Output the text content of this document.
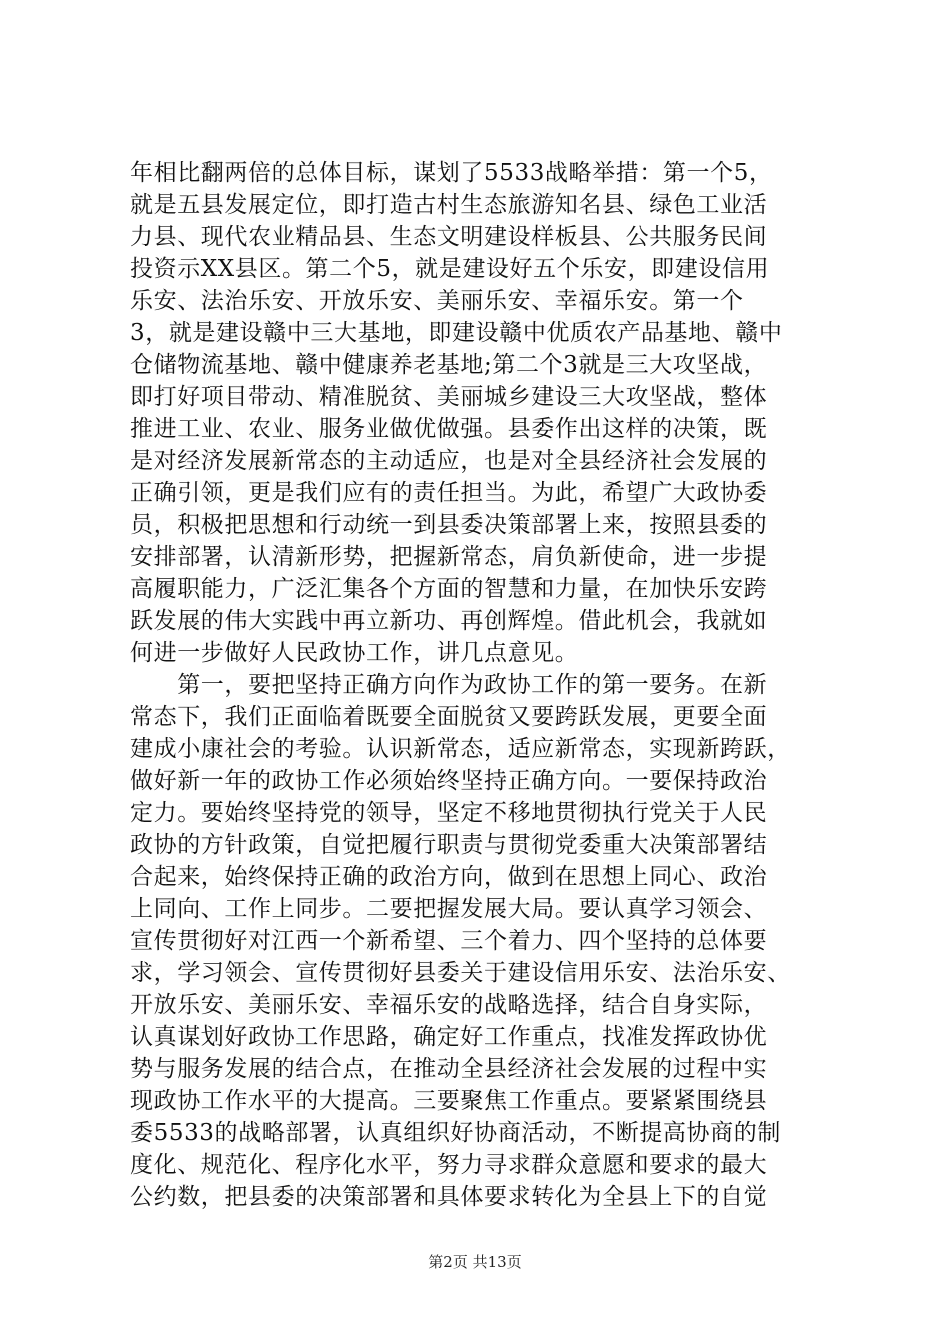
年相比翻两倍的总体目标，谋划了5533战略举措：第一个5，
就是五县发展定位，即打造古村生态旅游知名县、绿色工业活
力县、现代农业精品县、生态文明建设样板县、公共服务民间
投资示XX县区。第二个5，就是建设好五个乐安，即建设信用
乐安、法治乐安、开放乐安、美丽乐安、幸福乐安。第一个
3，就是建设赣中三大基地，即建设赣中优质农产品基地、赣中
仓储物流基地、赣中健康养老基地;第二个3就是三大攻坚战，
即打好项目带动、精准脱贫、美丽城乡建设三大攻坚战，整体
推进工业、农业、服务业做优做强。县委作出这样的决策，既
是对经济发展新常态的主动适应，也是对全县经济社会发展的
正确引领，更是我们应有的责任担当。为此，希望广大政协委
员，积极把思想和行动统一到县委决策部署上来，按照县委的
安排部署，认清新形势，把握新常态，肩负新使命，进一步提
高履职能力，广泛汇集各个方面的智慧和力量，在加快乐安跨
跃发展的伟大实践中再立新功、再创辉煌。借此机会，我就如
何进一步做好人民政协工作，讲几点意见。
　　第一，要把坚持正确方向作为政协工作的第一要务。在新
常态下，我们正面临着既要全面脱贫又要跨跃发展，更要全面
建成小康社会的考验。认识新常态，适应新常态，实现新跨跃，
做好新一年的政协工作必须始终坚持正确方向。一要保持政治
定力。要始终坚持党的领导，坚定不移地贯彻执行党关于人民
政协的方针政策，自觉把履行职责与贯彻党委重大决策部署结
合起来，始终保持正确的政治方向，做到在思想上同心、政治
上同向、工作上同步。二要把握发展大局。要认真学习领会、
宣传贯彻好对江西一个新希望、三个着力、四个坚持的总体要
求，学习领会、宣传贯彻好县委关于建设信用乐安、法治乐安、
开放乐安、美丽乐安、幸福乐安的战略选择，结合自身实际，
认真谋划好政协工作思路，确定好工作重点，找准发挥政协优
势与服务发展的结合点，在推动全县经济社会发展的过程中实
现政协工作水平的大提高。三要聚焦工作重点。要紧紧围绕县
委5533的战略部署，认真组织好协商活动，不断提高协商的制
度化、规范化、程序化水平，努力寻求群众意愿和要求的最大
公约数，把县委的决策部署和具体要求转化为全县上下的自觉
第2页 共13页
